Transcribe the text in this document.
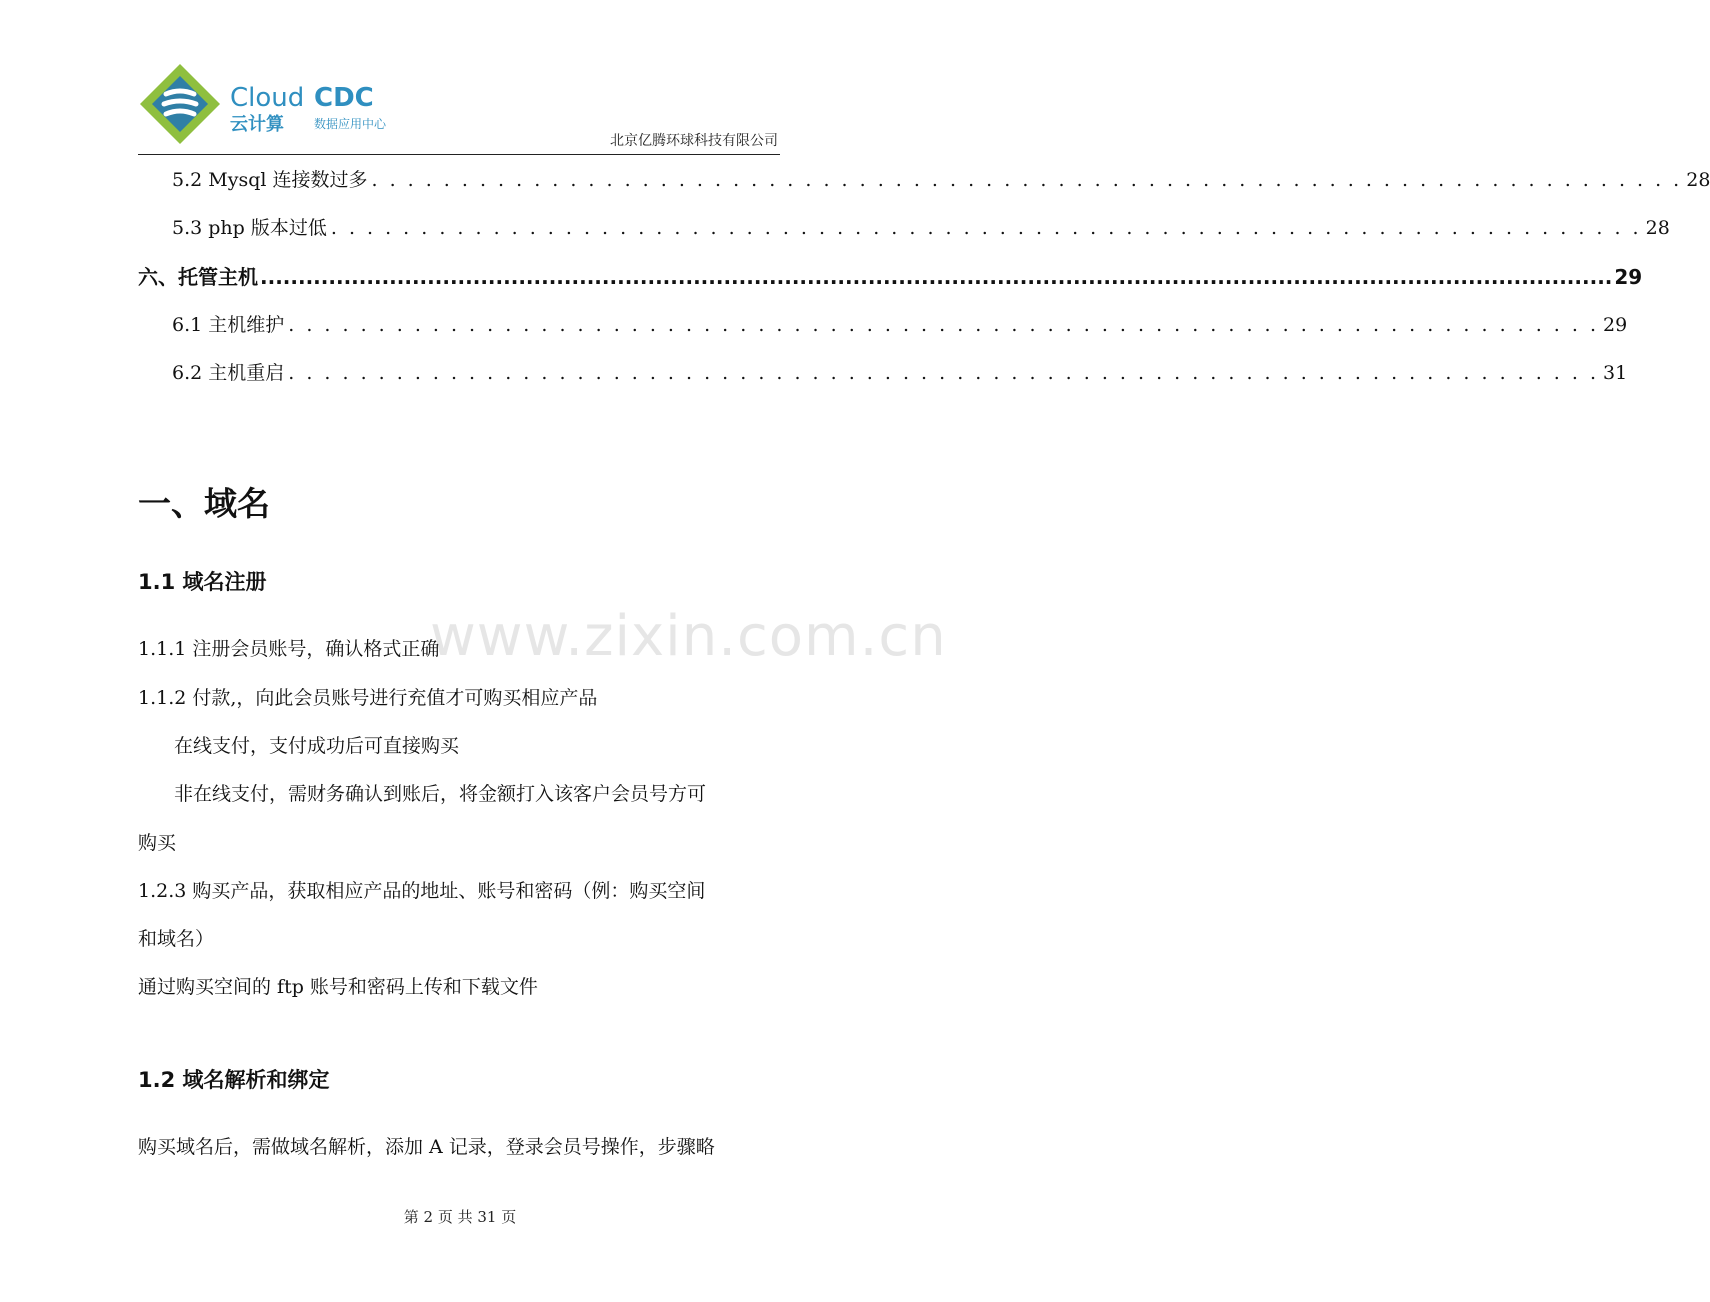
Cloud CDC
云计算	数据应用中心
北京亿腾环球科技有限公司
5.2 Mysql 连接数过多 . . . . . . . . . . . . . . . . . . . . . . . . . . . . . . . . . . . . . . . . . . . . . . . . . . . . . . . . . . . . . . . . . . . . . . . . . 28
5.3 php 版本过低 . . . . . . . . . . . . . . . . . . . . . . . . . . . . . . . . . . . . . . . . . . . . . . . . . . . . . . . . . . . . . . . . . . . . . . . . . 28
六、托管主机 .................................................................................................................................................................................. 29
6.1 主机维护 . . . . . . . . . . . . . . . . . . . . . . . . . . . . . . . . . . . . . . . . . . . . . . . . . . . . . . . . . . . . . . . . . . . . . . . . . 29
6.2 主机重启 . . . . . . . . . . . . . . . . . . . . . . . . . . . . . . . . . . . . . . . . . . . . . . . . . . . . . . . . . . . . . . . . . . . . . . . . . 31
www.zixin.com.cn
一、域名
1.1 域名注册
1.1.1 注册会员账号，确认格式正确
1.1.2 付款,，向此会员账号进行充值才可购买相应产品
在线支付，支付成功后可直接购买
非在线支付，需财务确认到账后，将金额打入该客户会员号方可
购买
1.2.3 购买产品，获取相应产品的地址、账号和密码（例：购买空间
和域名）
通过购买空间的 ftp 账号和密码上传和下载文件
1.2 域名解析和绑定
购买域名后，需做域名解析，添加 A 记录，登录会员号操作，步骤略
第 2 页 共 31 页
